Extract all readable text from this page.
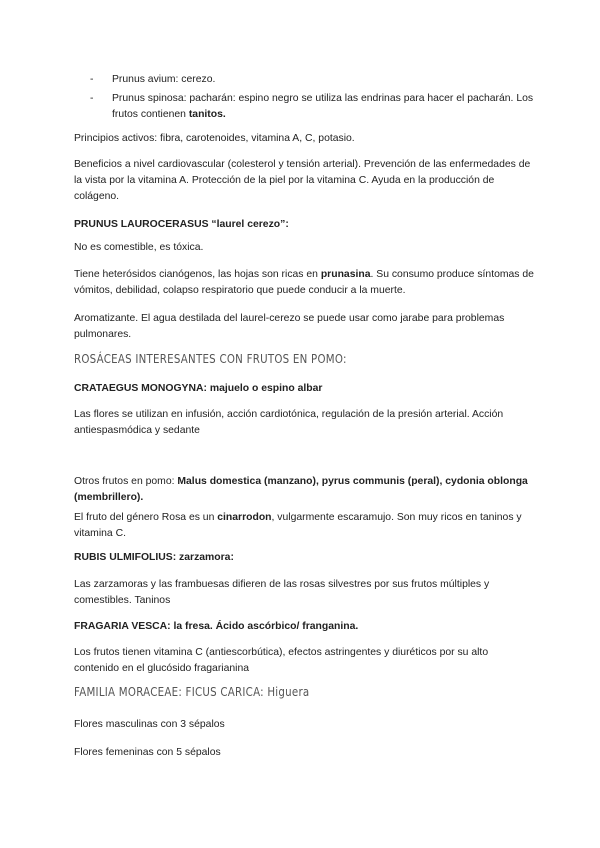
-	Prunus avium: cerezo.
-	Prunus spinosa: pacharán: espino negro se utiliza las endrinas para hacer el pacharán. Los frutos contienen tanitos.

Principios activos: fibra, carotenoides, vitamina A, C, potasio.

Beneficios a nivel cardiovascular (colesterol y tensión arterial). Prevención de las enfermedades de la vista por la vitamina A. Protección de la piel por la vitamina C. Ayuda en la producción de colágeno.

PRUNUS LAUROCERASUS “laurel cerezo”:

No es comestible, es tóxica.

Tiene heterósidos cianógenos, las hojas son ricas en prunasina. Su consumo produce síntomas de vómitos, debilidad, colapso respiratorio que puede conducir a la muerte.

Aromatizante. El agua destilada del laurel-cerezo se puede usar como jarabe para problemas pulmonares.

ROSÁCEAS INTERESANTES CON FRUTOS EN POMO:

CRATAEGUS MONOGYNA: majuelo o espino albar

Las flores se utilizan en infusión, acción cardiotónica, regulación de la presión arterial. Acción antiespasmódica y sedante

Otros frutos en pomo: Malus domestica (manzano), pyrus communis (peral), cydonia oblonga (membrillero).

El fruto del género Rosa es un cinarrodon, vulgarmente escaramujo. Son muy ricos en taninos y vitamina C.

RUBIS ULMIFOLIUS: zarzamora:

Las zarzamoras y las frambuesas difieren de las rosas silvestres por sus frutos múltiples y comestibles. Taninos

FRAGARIA VESCA: la fresa. Ácido ascórbico/ franganina.

Los frutos tienen vitamina C (antiescorbútica), efectos astringentes y diuréticos por su alto contenido en el glucósido fragarianina

FAMILIA MORACEAE: FICUS CARICA: Higuera

Flores masculinas con 3 sépalos

Flores femeninas con 5 sépalos
